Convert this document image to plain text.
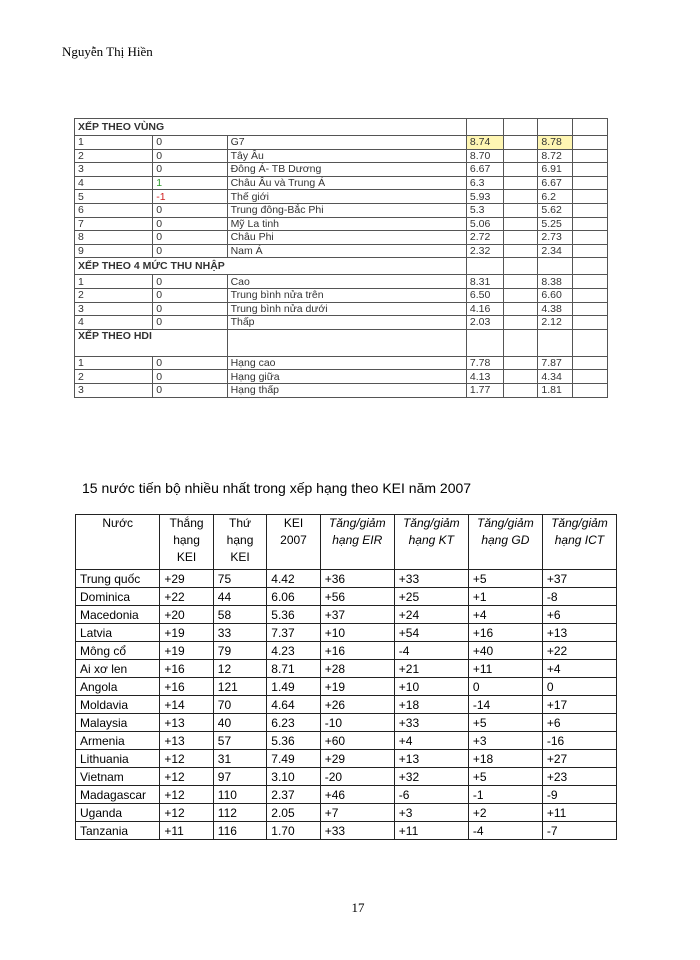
Nguyễn Thị Hiền
XẾP THEO VÙNG						
1	0	G7	8.74		8.78	
2	0	Tây Âu	8.70		8.72	
3	0	Đông Á- TB Dương	6.67		6.91	
4	1	Châu Âu và Trung Á	6.3		6.67	
5	-1	Thế giới	5.93		6.2	
6	0	Trung đông-Bắc Phi	5.3		5.62	
7	0	Mỹ La tinh	5.06		5.25	
8	0	Châu Phi	2.72		2.73	
9	0	Nam Á	2.32		2.34	
XẾP THEO 4 MỨC THU NHẬP						
1	0	Cao	8.31		8.38	
2	0	Trung bình nửa trên	6.50		6.60	
3	0	Trung bình nửa dưới	4.16		4.38	
4	0	Thấp	2.03		2.12	
XẾP THEO HDI						
1	0	Hạng cao	7.78		7.87	
2	0	Hạng giữa	4.13		4.34	
3	0	Hạng thấp	1.77		1.81	
15 nước tiến bộ nhiều nhất trong xếp hạng theo KEI năm 2007
Nước	Thắng hạng KEI	Thứ hạng KEI	KEI 2007	Tăng/giảm hạng EIR	Tăng/giảm hạng KT	Tăng/giảm hạng GD	Tăng/giảm hạng ICT
Trung quốc	+29	75	4.42	+36	+33	+5	+37
Dominica	+22	44	6.06	+56	+25	+1	-8
Macedonia	+20	58	5.36	+37	+24	+4	+6
Latvia	+19	33	7.37	+10	+54	+16	+13
Mông cổ	+19	79	4.23	+16	-4	+40	+22
Ai xơ len	+16	12	8.71	+28	+21	+11	+4
Angola	+16	121	1.49	+19	+10	0	0
Moldavia	+14	70	4.64	+26	+18	-14	+17
Malaysia	+13	40	6.23	-10	+33	+5	+6
Armenia	+13	57	5.36	+60	+4	+3	-16
Lithuania	+12	31	7.49	+29	+13	+18	+27
Vietnam	+12	97	3.10	-20	+32	+5	+23
Madagascar	+12	110	2.37	+46	-6	-1	-9
Uganda	+12	112	2.05	+7	+3	+2	+11
Tanzania	+11	116	1.70	+33	+11	-4	-7
17
